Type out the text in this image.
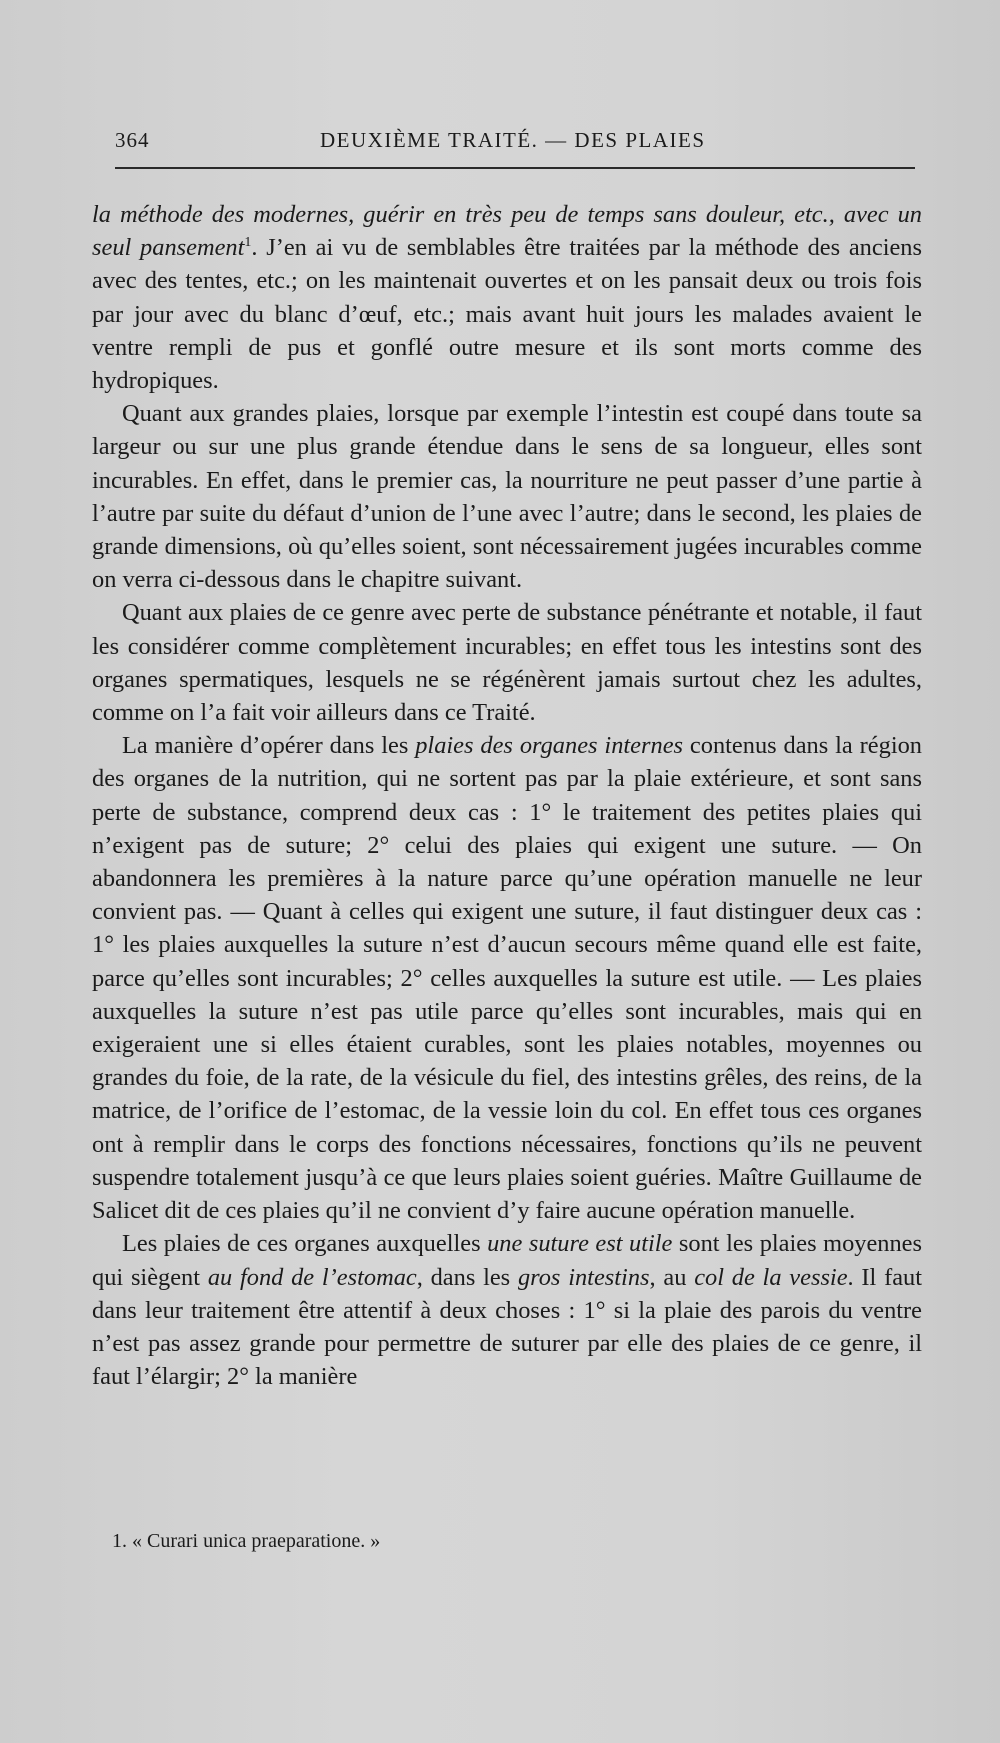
364	DEUXIÈME TRAITÉ. — DES PLAIES

la méthode des modernes, guérir en très peu de temps sans douleur, etc., avec un seul pansement$^1$. J’en ai vu de semblables être traitées par la méthode des anciens avec des tentes, etc.; on les maintenait ouvertes et on les pansait deux ou trois fois par jour avec du blanc d’œuf, etc.; mais avant huit jours les malades avaient le ventre rempli de pus et gonflé outre mesure et ils sont morts comme des hydropiques.

Quant aux grandes plaies, lorsque par exemple l’intestin est coupé dans toute sa largeur ou sur une plus grande étendue dans le sens de sa longueur, elles sont incurables. En effet, dans le premier cas, la nourriture ne peut passer d’une partie à l’autre par suite du défaut d’union de l’une avec l’autre; dans le second, les plaies de grande dimensions, où qu’elles soient, sont nécessairement jugées incurables comme on verra ci-dessous dans le chapitre suivant.

Quant aux plaies de ce genre avec perte de substance pénétrante et notable, il faut les considérer comme complètement incurables; en effet tous les intestins sont des organes spermatiques, lesquels ne se régénèrent jamais surtout chez les adultes, comme on l’a fait voir ailleurs dans ce Traité.

La manière d’opérer dans les plaies des organes internes contenus dans la région des organes de la nutrition, qui ne sortent pas par la plaie extérieure, et sont sans perte de substance, comprend deux cas : 1° le traitement des petites plaies qui n’exigent pas de suture; 2° celui des plaies qui exigent une suture. — On abandonnera les premières à la nature parce qu’une opération manuelle ne leur convient pas. — Quant à celles qui exigent une suture, il faut distinguer deux cas : 1° les plaies auxquelles la suture n’est d’aucun secours même quand elle est faite, parce qu’elles sont incurables; 2° celles auxquelles la suture est utile. — Les plaies auxquelles la suture n’est pas utile parce qu’elles sont incurables, mais qui en exigeraient une si elles étaient curables, sont les plaies notables, moyennes ou grandes du foie, de la rate, de la vésicule du fiel, des intestins grêles, des reins, de la matrice, de l’orifice de l’estomac, de la vessie loin du col. En effet tous ces organes ont à remplir dans le corps des fonctions nécessaires, fonctions qu’ils ne peuvent suspendre totalement jusqu’à ce que leurs plaies soient guéries. Maître Guillaume de Salicet dit de ces plaies qu’il ne convient d’y faire aucune opération manuelle.

Les plaies de ces organes auxquelles une suture est utile sont les plaies moyennes qui siègent au fond de l’estomac, dans les gros intestins, au col de la vessie. Il faut dans leur traitement être attentif à deux choses : 1° si la plaie des parois du ventre n’est pas assez grande pour permettre de suturer par elle des plaies de ce genre, il faut l’élargir; 2° la manière

1. « Curari unica praeparatione. »
